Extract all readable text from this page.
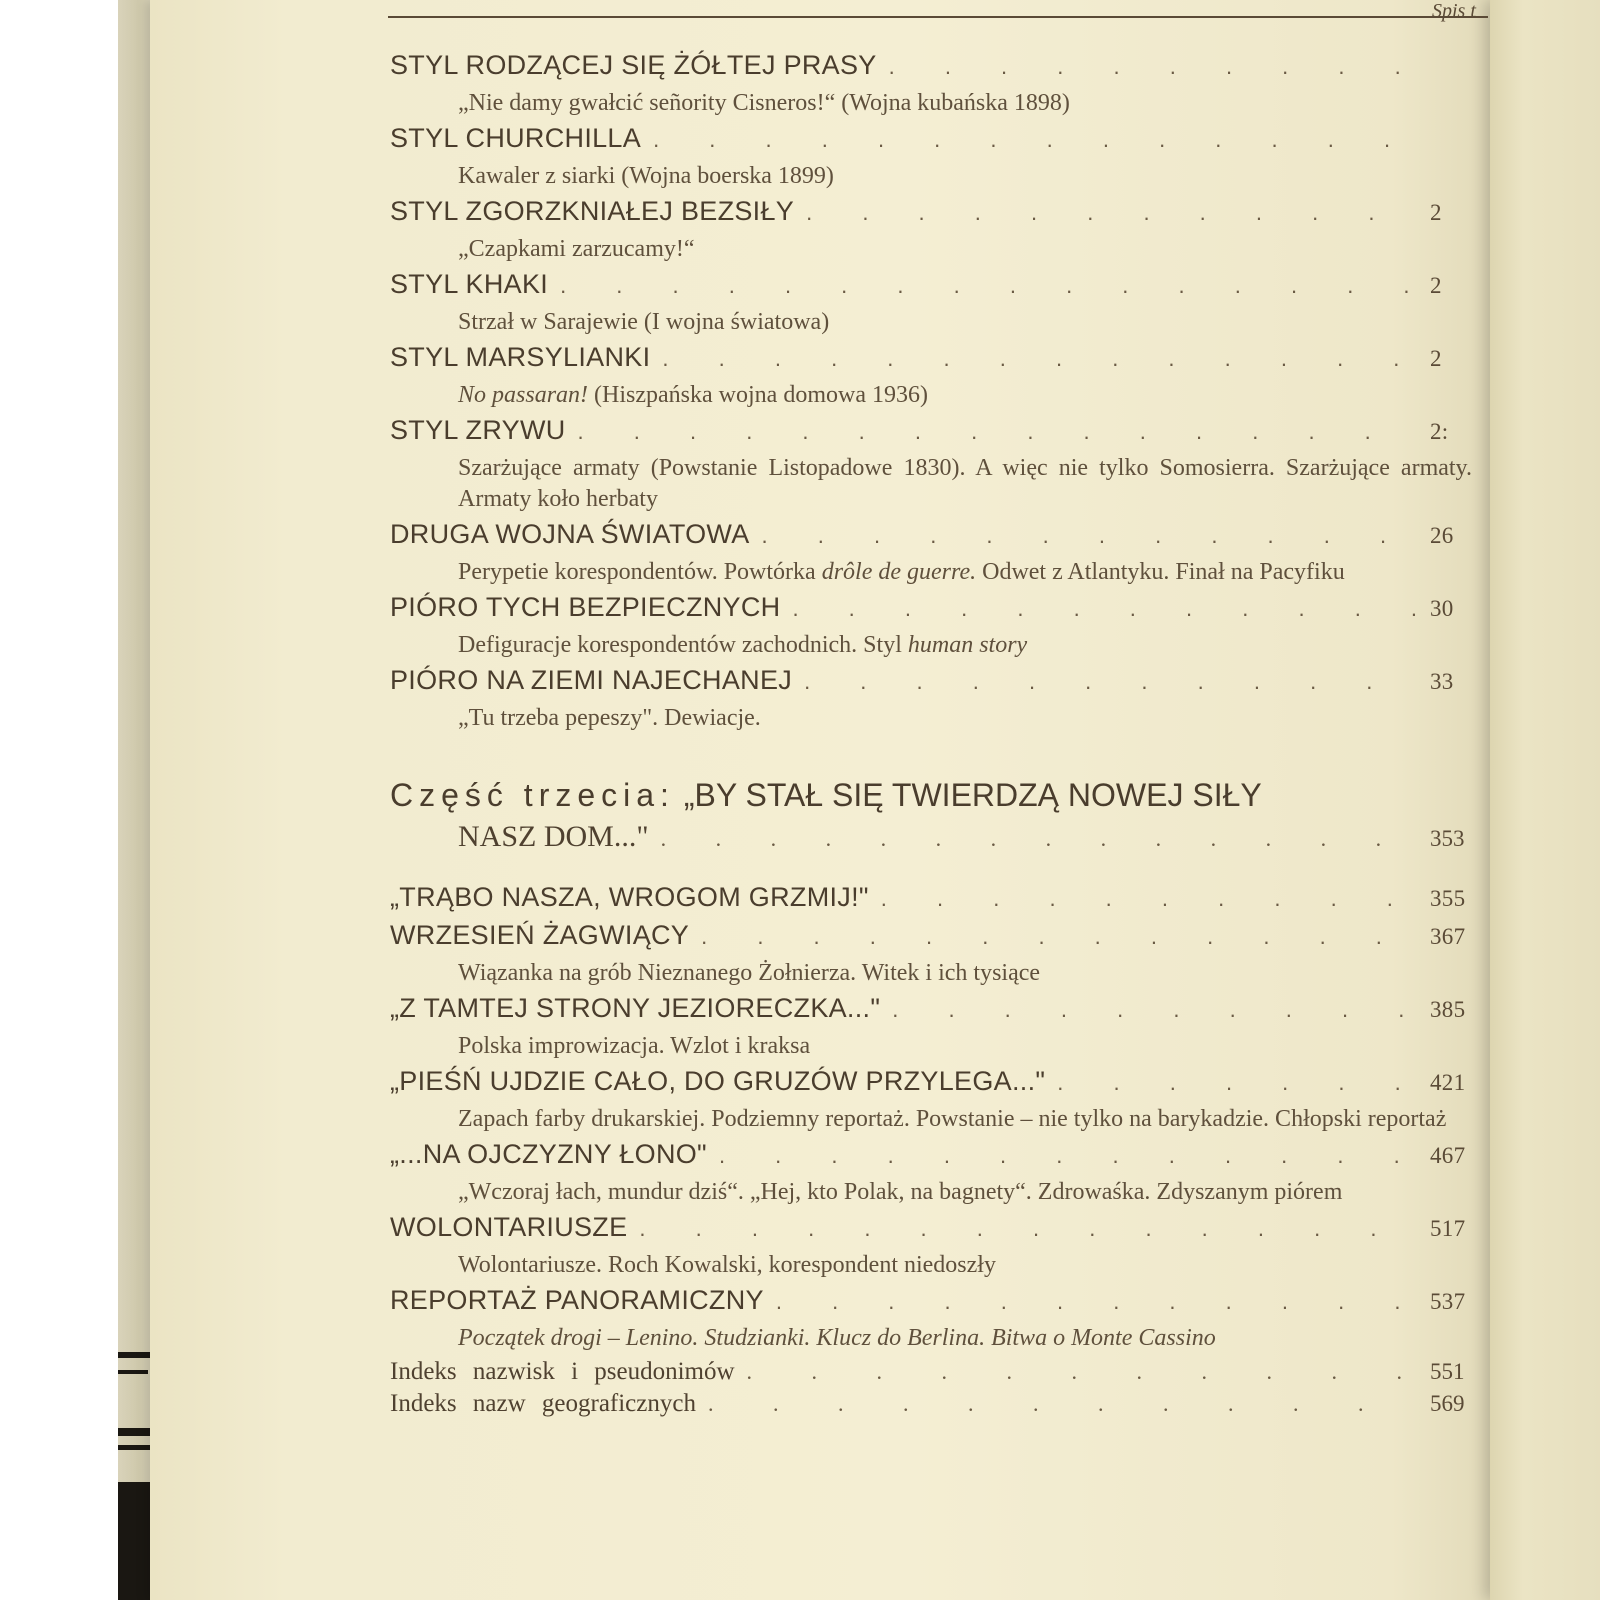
Spis t
STYL RODZĄCEJ SIĘ ŻÓŁTEJ PRASY
. . .
„Nie damy gwałcić señority Cisneros!“ (Wojna kubańska 1898)
STYL CHURCHILLA
. . .
Kawaler z siarki (Wojna boerska 1899)
STYL ZGORZKNIAŁEJ BEZSIŁY . . .	2
„Czapkami zarzucamy!“
STYL KHAKI . . .	2
Strzał w Sarajewie (I wojna światowa)
STYL MARSYLIANKI . . .	2
No passaran! (Hiszpańska wojna domowa 1936)
STYL ZRYWU . . .	2:
Szarżujące armaty (Powstanie Listopadowe 1830). A więc nie tylko Somosierra. Szarżujące armaty. Armaty koło herbaty
DRUGA WOJNA ŚWIATOWA . . .	26
Perypetie korespondentów. Powtórka drôle de guerre. Odwet z Atlantyku. Finał na Pacyfiku
PIÓRO TYCH BEZPIECZNYCH . . .	30
Defiguracje korespondentów zachodnich. Styl human story
PIÓRO NA ZIEMI NAJECHANEJ . . .	33
„Tu trzeba pepeszy". Dewiacje.
Część trzecia: „BY STAŁ SIĘ TWIERDZĄ NOWEJ SIŁY
NASZ DOM..." . . .	353
„TRĄBO NASZA, WROGOM GRZMIJ!" . . .	355
WRZESIEŃ ŻAGWIĄCY . . .	367
Wiązanka na grób Nieznanego Żołnierza. Witek i ich tysiące
„Z TAMTEJ STRONY JEZIORECZKA..." . . .	385
Polska improwizacja. Wzlot i kraksa
„PIEŚŃ UJDZIE CAŁO, DO GRUZÓW PRZYLEGA..." . . .	421
Zapach farby drukarskiej. Podziemny reportaż. Powstanie – nie tylko na barykadzie. Chłopski reportaż
„...NA OJCZYZNY ŁONO" . . .	467
„Wczoraj łach, mundur dziś“. „Hej, kto Polak, na bagnety“. Zdrowaśka. Zdyszanym piórem
WOLONTARIUSZE . . .	517
Wolontariusze. Roch Kowalski, korespondent niedoszły
REPORTAŻ PANORAMICZNY . . .	537
Początek drogi – Lenino. Studzianki. Klucz do Berlina. Bitwa o Monte Cassino
Indeks nazwisk i pseudonimów . . .	551
Indeks nazw geograficznych . . .	569
